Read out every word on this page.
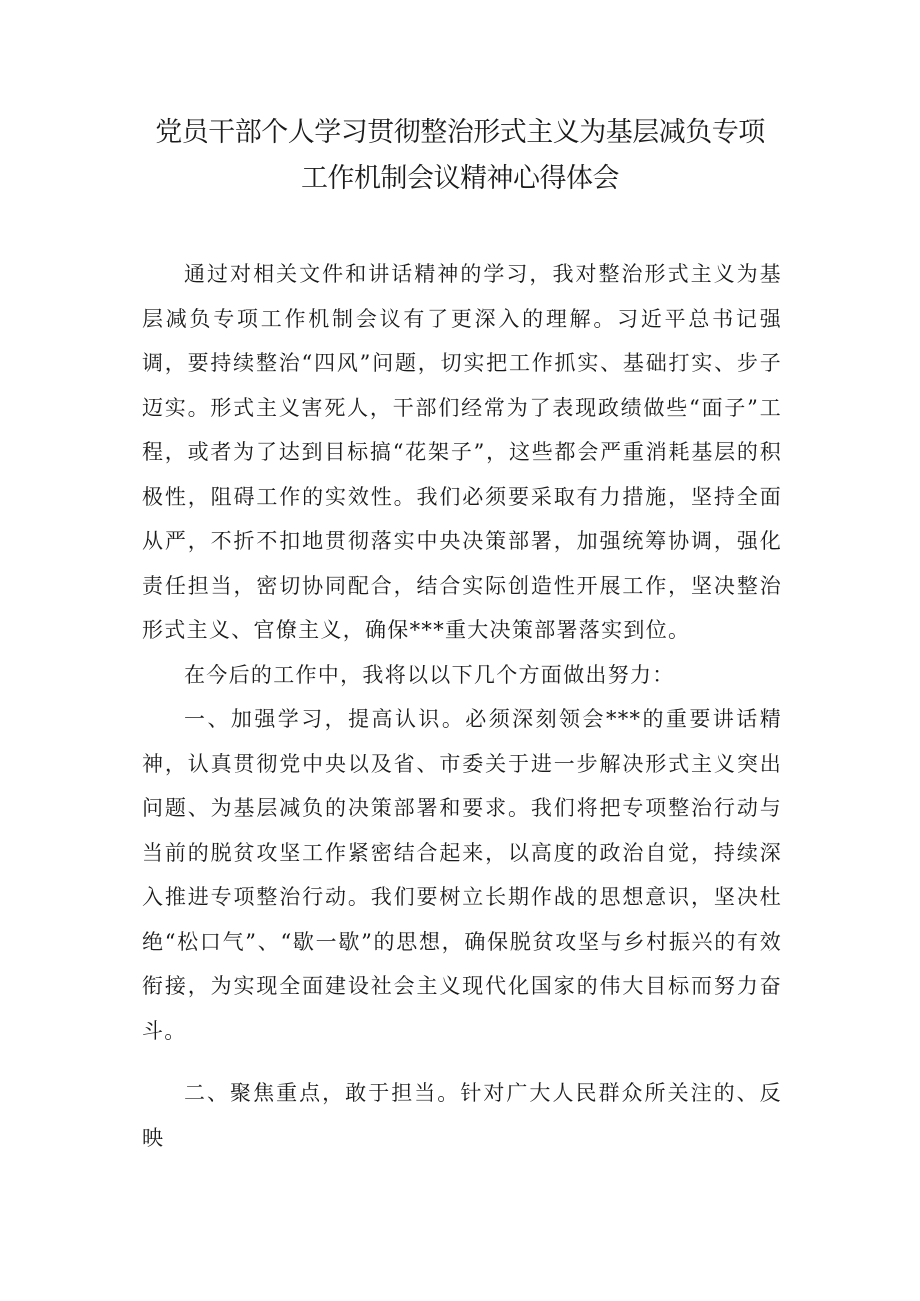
党员干部个人学习贯彻整治形式主义为基层减负专项
工作机制会议精神心得体会

通过对相关文件和讲话精神的学习，我对整治形式主义为基层减负专项工作机制会议有了更深入的理解。习近平总书记强调，要持续整治“四风”问题，切实把工作抓实、基础打实、步子迈实。形式主义害死人，干部们经常为了表现政绩做些“面子”工程，或者为了达到目标搞“花架子”，这些都会严重消耗基层的积极性，阻碍工作的实效性。我们必须要采取有力措施，坚持全面从严，不折不扣地贯彻落实中央决策部署，加强统筹协调，强化责任担当，密切协同配合，结合实际创造性开展工作，坚决整治形式主义、官僚主义，确保***重大决策部署落实到位。

在今后的工作中，我将以以下几个方面做出努力：

一、加强学习，提高认识。必须深刻领会***的重要讲话精神，认真贯彻党中央以及省、市委关于进一步解决形式主义突出问题、为基层减负的决策部署和要求。我们将把专项整治行动与当前的脱贫攻坚工作紧密结合起来，以高度的政治自觉，持续深入推进专项整治行动。我们要树立长期作战的思想意识，坚决杜绝“松口气”、“歇一歇”的思想，确保脱贫攻坚与乡村振兴的有效衔接，为实现全面建设社会主义现代化国家的伟大目标而努力奋斗。

二、聚焦重点，敢于担当。针对广大人民群众所关注的、反映
